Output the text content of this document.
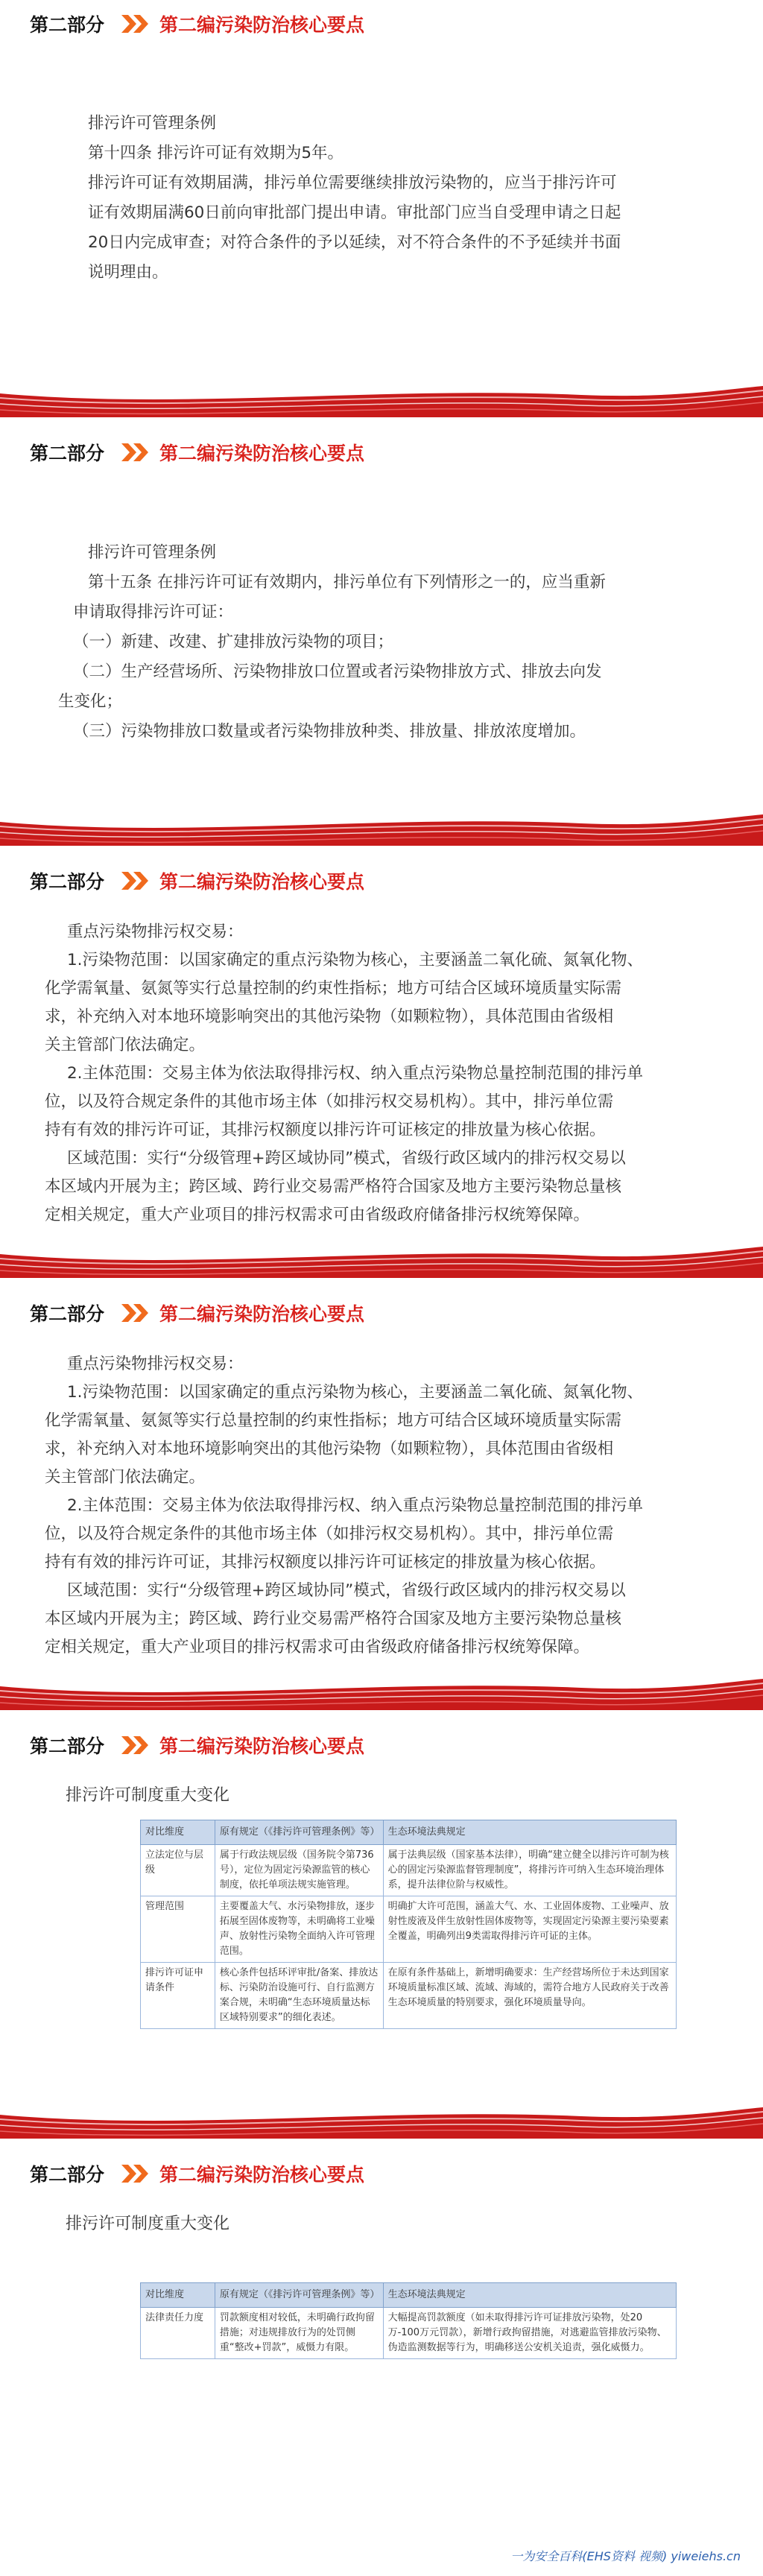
第二部分	第二编污染防治核心要点

排污许可管理条例

第十四条 排污许可证有效期为5年。

排污许可证有效期届满，排污单位需要继续排放污染物的，应当于排污许可

证有效期届满60日前向审批部门提出申请。审批部门应当自受理申请之日起

20日内完成审查；对符合条件的予以延续，对不符合条件的不予延续并书面

说明理由。

第二部分	第二编污染防治核心要点

排污许可管理条例

第十五条 在排污许可证有效期内，排污单位有下列情形之一的，应当重新

申请取得排污许可证：

（一）新建、改建、扩建排放污染物的项目；

（二）生产经营场所、污染物排放口位置或者污染物排放方式、排放去向发

生变化；

（三）污染物排放口数量或者污染物排放种类、排放量、排放浓度增加。

第二部分	第二编污染防治核心要点

重点污染物排污权交易：

1.污染物范围：以国家确定的重点污染物为核心，主要涵盖二氧化硫、氮氧化物、

化学需氧量、氨氮等实行总量控制的约束性指标；地方可结合区域环境质量实际需

求，补充纳入对本地环境影响突出的其他污染物（如颗粒物），具体范围由省级相

关主管部门依法确定。

2.主体范围：交易主体为依法取得排污权、纳入重点污染物总量控制范围的排污单

位，以及符合规定条件的其他市场主体（如排污权交易机构）。其中，排污单位需

持有有效的排污许可证，其排污权额度以排污许可证核定的排放量为核心依据。

区域范围：实行“分级管理+跨区域协同”模式，省级行政区域内的排污权交易以

本区域内开展为主；跨区域、跨行业交易需严格符合国家及地方主要污染物总量核

定相关规定，重大产业项目的排污权需求可由省级政府储备排污权统筹保障。

第二部分	第二编污染防治核心要点

重点污染物排污权交易：

1.污染物范围：以国家确定的重点污染物为核心，主要涵盖二氧化硫、氮氧化物、

化学需氧量、氨氮等实行总量控制的约束性指标；地方可结合区域环境质量实际需

求，补充纳入对本地环境影响突出的其他污染物（如颗粒物），具体范围由省级相

关主管部门依法确定。

2.主体范围：交易主体为依法取得排污权、纳入重点污染物总量控制范围的排污单

位，以及符合规定条件的其他市场主体（如排污权交易机构）。其中，排污单位需

持有有效的排污许可证，其排污权额度以排污许可证核定的排放量为核心依据。

区域范围：实行“分级管理+跨区域协同”模式，省级行政区域内的排污权交易以

本区域内开展为主；跨区域、跨行业交易需严格符合国家及地方主要污染物总量核

定相关规定，重大产业项目的排污权需求可由省级政府储备排污权统筹保障。

第二部分	第二编污染防治核心要点
排污许可制度重大变化
对比维度	原有规定（《排污许可管理条例》等）	生态环境法典规定
立法定位与层级	属于行政法规层级（国务院令第736号），定位为固定污染源监管的核心制度，依托单项法规实施管理。	属于法典层级（国家基本法律），明确“建立健全以排污许可制为核心的固定污染源监督管理制度”，将排污许可纳入生态环境治理体系，提升法律位阶与权威性。
管理范围	主要覆盖大气、水污染物排放，逐步拓展至固体废物等，未明确将工业噪声、放射性污染物全面纳入许可管理范围。	明确扩大许可范围，涵盖大气、水、工业固体废物、工业噪声、放射性废液及伴生放射性固体废物等，实现固定污染源主要污染要素全覆盖，明确列出9类需取得排污许可证的主体。
排污许可证申请条件	核心条件包括环评审批/备案、排放达标、污染防治设施可行、自行监测方案合规，未明确“生态环境质量达标区域特别要求”的细化表述。	在原有条件基础上，新增明确要求：生产经营场所位于未达到国家环境质量标准区域、流域、海域的，需符合地方人民政府关于改善生态环境质量的特别要求，强化环境质量导向。
第二部分	第二编污染防治核心要点
排污许可制度重大变化
对比维度	原有规定（《排污许可管理条例》等）	生态环境法典规定
法律责任力度	罚款额度相对较低，未明确行政拘留措施；对违规排放行为的处罚侧重“整改+罚款”，威慑力有限。	大幅提高罚款额度（如未取得排污许可证排放污染物，处20万-100万元罚款），新增行政拘留措施，对逃避监管排放污染物、伪造监测数据等行为，明确移送公安机关追责，强化威慑力。
一为安全百科(EHS资料 视频) yiweiehs.cn
